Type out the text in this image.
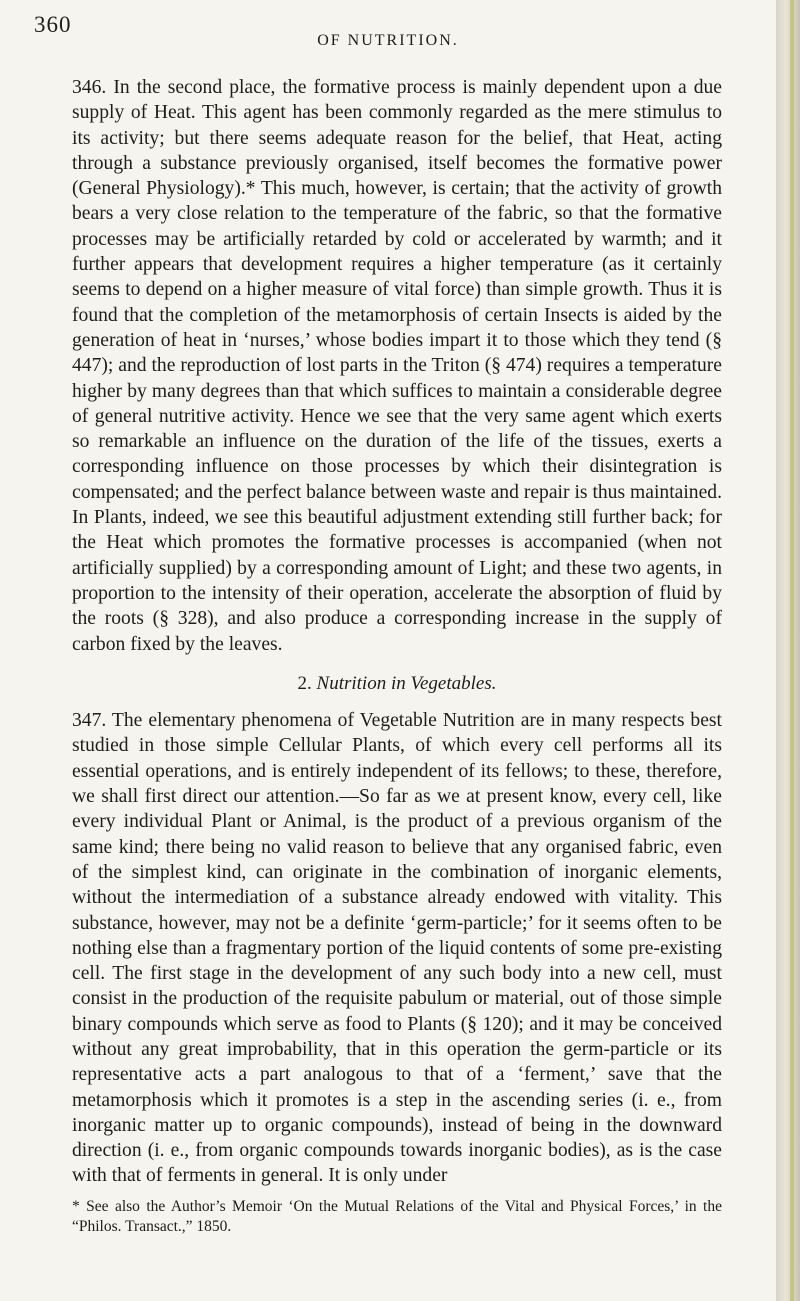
360
OF NUTRITION.

346. In the second place, the formative process is mainly dependent upon a due supply of Heat. This agent has been commonly regarded as the mere stimulus to its activity; but there seems adequate reason for the belief, that Heat, acting through a substance previously organised, itself becomes the formative power (General Physiology).* This much, however, is certain; that the activity of growth bears a very close relation to the temperature of the fabric, so that the formative processes may be artificially retarded by cold or accelerated by warmth; and it further appears that development requires a higher temperature (as it certainly seems to depend on a higher measure of vital force) than simple growth. Thus it is found that the completion of the metamorphosis of certain Insects is aided by the generation of heat in ‘nurses,’ whose bodies impart it to those which they tend (§ 447); and the reproduction of lost parts in the Triton (§ 474) requires a temperature higher by many degrees than that which suffices to maintain a considerable degree of general nutritive activity. Hence we see that the very same agent which exerts so remarkable an influence on the duration of the life of the tissues, exerts a corresponding influence on those processes by which their disintegration is compensated; and the perfect balance between waste and repair is thus maintained. In Plants, indeed, we see this beautiful adjustment extending still further back; for the Heat which promotes the formative processes is accompanied (when not artificially supplied) by a corresponding amount of Light; and these two agents, in proportion to the intensity of their operation, accelerate the absorption of fluid by the roots (§ 328), and also produce a corresponding increase in the supply of carbon fixed by the leaves.

2. Nutrition in Vegetables.

347. The elementary phenomena of Vegetable Nutrition are in many respects best studied in those simple Cellular Plants, of which every cell performs all its essential operations, and is entirely independent of its fellows; to these, therefore, we shall first direct our attention.—So far as we at present know, every cell, like every individual Plant or Animal, is the product of a previous organism of the same kind; there being no valid reason to believe that any organised fabric, even of the simplest kind, can originate in the combination of inorganic elements, without the intermediation of a substance already endowed with vitality. This substance, however, may not be a definite ‘germ-particle;’ for it seems often to be nothing else than a fragmentary portion of the liquid contents of some pre-existing cell. The first stage in the development of any such body into a new cell, must consist in the production of the requisite pabulum or material, out of those simple binary compounds which serve as food to Plants (§ 120); and it may be conceived without any great improbability, that in this operation the germ-particle or its representative acts a part analogous to that of a ‘ferment,’ save that the metamorphosis which it promotes is a step in the ascending series (i. e., from inorganic matter up to organic compounds), instead of being in the downward direction (i. e., from organic compounds towards inorganic bodies), as is the case with that of ferments in general. It is only under

* See also the Author’s Memoir ‘On the Mutual Relations of the Vital and Physical Forces,’ in the “Philos. Transact.,” 1850.
